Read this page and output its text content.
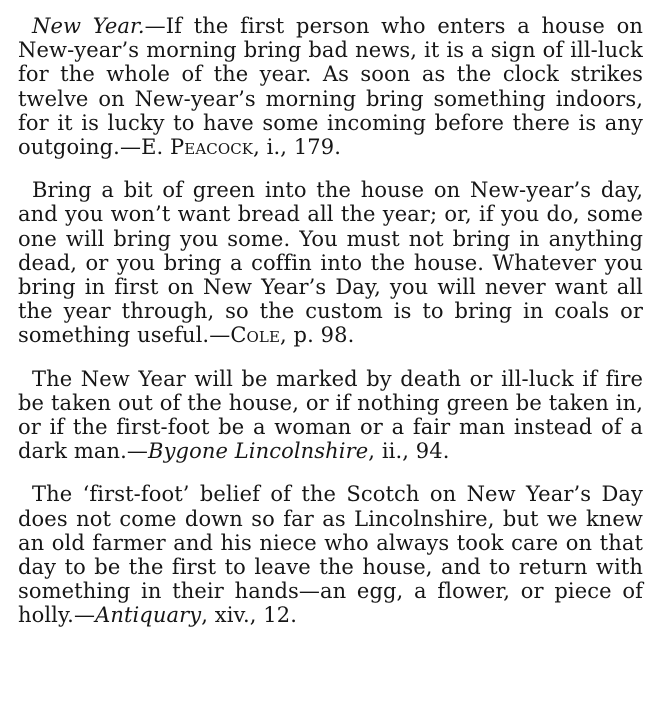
New Year.—If the first person who enters a house on New-year’s morning bring bad news, it is a sign of ill-luck for the whole of the year. As soon as the clock strikes twelve on New-year’s morning bring something indoors, for it is lucky to have some incoming before there is any outgoing.—E. Peacock, i., 179.

Bring a bit of green into the house on New-year’s day, and you won’t want bread all the year; or, if you do, some one will bring you some. You must not bring in anything dead, or you bring a coffin into the house. Whatever you bring in first on New Year’s Day, you will never want all the year through, so the custom is to bring in coals or something useful.—Cole, p. 98.

The New Year will be marked by death or ill-luck if fire be taken out of the house, or if nothing green be taken in, or if the first-foot be a woman or a fair man instead of a dark man.—Bygone Lincolnshire, ii., 94.

The ‘first-foot’ belief of the Scotch on New Year’s Day does not come down so far as Lincolnshire, but we knew an old farmer and his niece who always took care on that day to be the first to leave the house, and to return with something in their hands—an egg, a flower, or piece of holly.—Antiquary, xiv., 12.
